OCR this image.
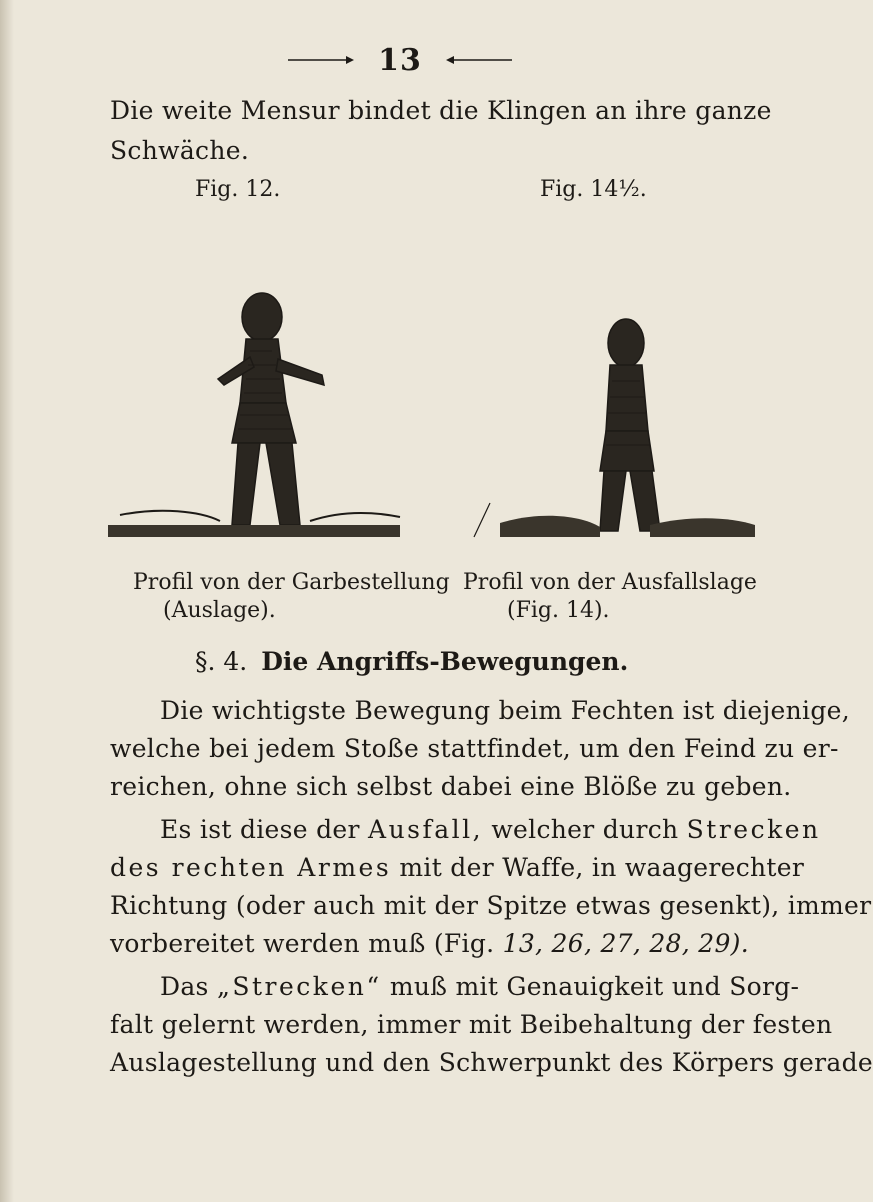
13
Die weite Mensur bindet die Klingen an ihre ganze
Schwäche.
Fig. 12.	Fig. 14½.
Profil von der Garbestellung
(Auslage).
Profil von der Ausfallslage
(Fig. 14).
§. 4. Die Angriffs-Bewegungen.
Die wichtigste Bewegung beim Fechten ist diejenige,
welche bei jedem Stoße stattfindet, um den Feind zu er-
reichen, ohne sich selbst dabei eine Blöße zu geben.
Es ist diese der Ausfall, welcher durch Strecken
des rechten Armes mit der Waffe, in waagerechter
Richtung (oder auch mit der Spitze etwas gesenkt), immer
vorbereitet werden muß (Fig. 13, 26, 27, 28, 29).
Das „Strecken“ muß mit Genauigkeit und Sorg-
falt gelernt werden, immer mit Beibehaltung der festen
Auslagestellung und den Schwerpunkt des Körpers gerade
